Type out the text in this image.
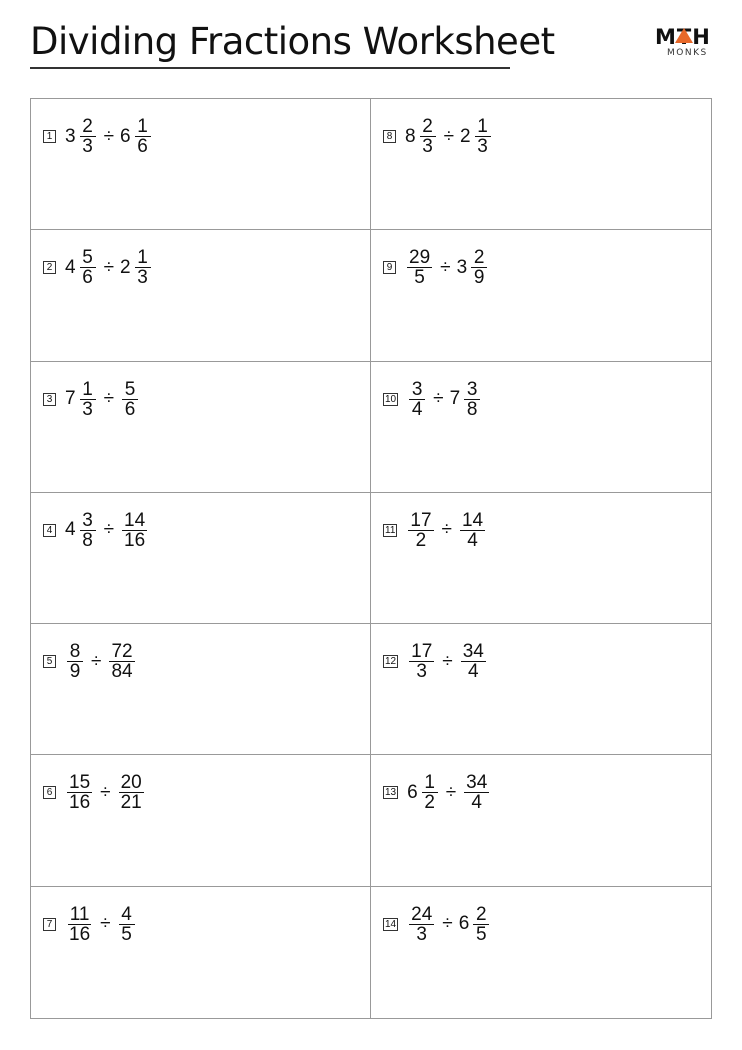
Dividing Fractions Worksheet	MTH
MONKS
1 $3 \frac{2}{3} \div 6 \frac{1}{6}$	8 $8 \frac{2}{3} \div 2 \frac{1}{3}$
2 $4 \frac{5}{6} \div 2 \frac{1}{3}$	$9 \frac{29}{5} \div 3 \frac{2}{9}$
3 $7 \frac{1}{3} \div \frac{5}{6}$	$10 \frac{3}{4} \div 7 \frac{3}{8}$
4 $4 \frac{3}{8} \div \frac{14}{16}$	$11 \frac{17}{2} \div \frac{14}{4}$
$5 \frac{8}{9} \div \frac{72}{84}$	$12 \frac{17}{3} \div \frac{34}{4}$
$6 \frac{15}{16} \div \frac{20}{21}$	13 $6 \frac{1}{2} \div \frac{34}{4}$
$7 \frac{11}{16} \div \frac{4}{5}$	$14 \frac{24}{3} \div 6 \frac{2}{5}$
